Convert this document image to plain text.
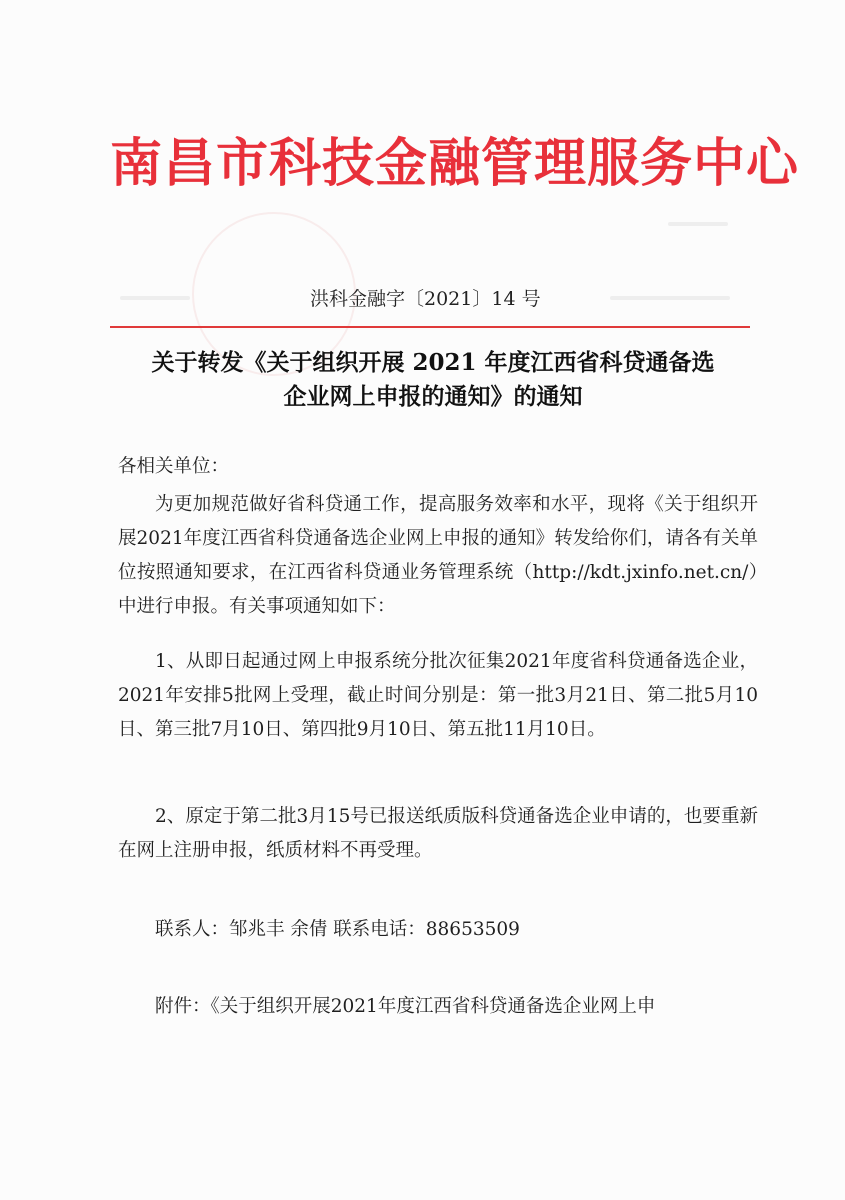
南昌市科技金融管理服务中心
洪科金融字〔2021〕14 号
关于转发《关于组织开展 2021 年度江西省科贷通备选
企业网上申报的通知》的通知
各相关单位：

为更加规范做好省科贷通工作，提高服务效率和水平，现将《关于组织开展2021年度江西省科贷通备选企业网上申报的通知》转发给你们，请各有关单位按照通知要求，在江西省科贷通业务管理系统（http://kdt.jxinfo.net.cn/）中进行申报。有关事项通知如下：

1、从即日起通过网上申报系统分批次征集2021年度省科贷通备选企业，2021年安排5批网上受理，截止时间分别是：第一批3月21日、第二批5月10日、第三批7月10日、第四批9月10日、第五批11月10日。

2、原定于第二批3月15号已报送纸质版科贷通备选企业申请的，也要重新在网上注册申报，纸质材料不再受理。

联系人：邹兆丰 余倩 联系电话：88653509
附件：《关于组织开展2021年度江西省科贷通备选企业网上申
